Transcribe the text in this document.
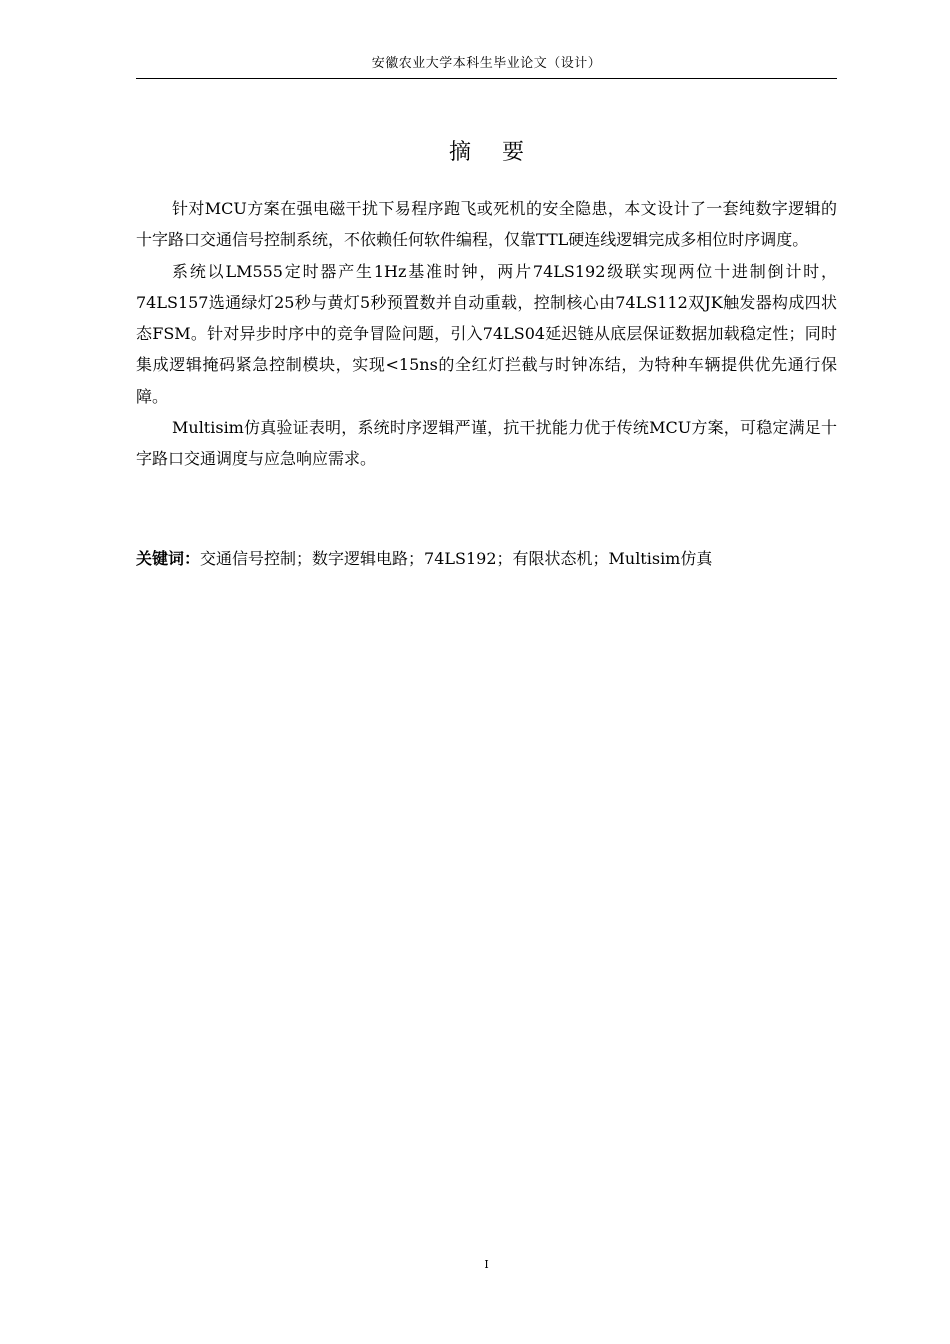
安徽农业大学本科生毕业论文（设计）
摘 要

针对MCU方案在强电磁干扰下易程序跑飞或死机的安全隐患，本文设计了一套纯数字逻辑的十字路口交通信号控制系统，不依赖任何软件编程，仅靠TTL硬连线逻辑完成多相位时序调度。

系统以LM555定时器产生1Hz基准时钟，两片74LS192级联实现两位十进制倒计时，74LS157选通绿灯25秒与黄灯5秒预置数并自动重载，控制核心由74LS112双JK触发器构成四状态FSM。针对异步时序中的竞争冒险问题，引入74LS04延迟链从底层保证数据加载稳定性；同时集成逻辑掩码紧急控制模块，实现<15ns的全红灯拦截与时钟冻结，为特种车辆提供优先通行保障。

Multisim仿真验证表明，系统时序逻辑严谨，抗干扰能力优于传统MCU方案，可稳定满足十字路口交通调度与应急响应需求。

关键词：交通信号控制；数字逻辑电路；74LS192；有限状态机；Multisim仿真
I
